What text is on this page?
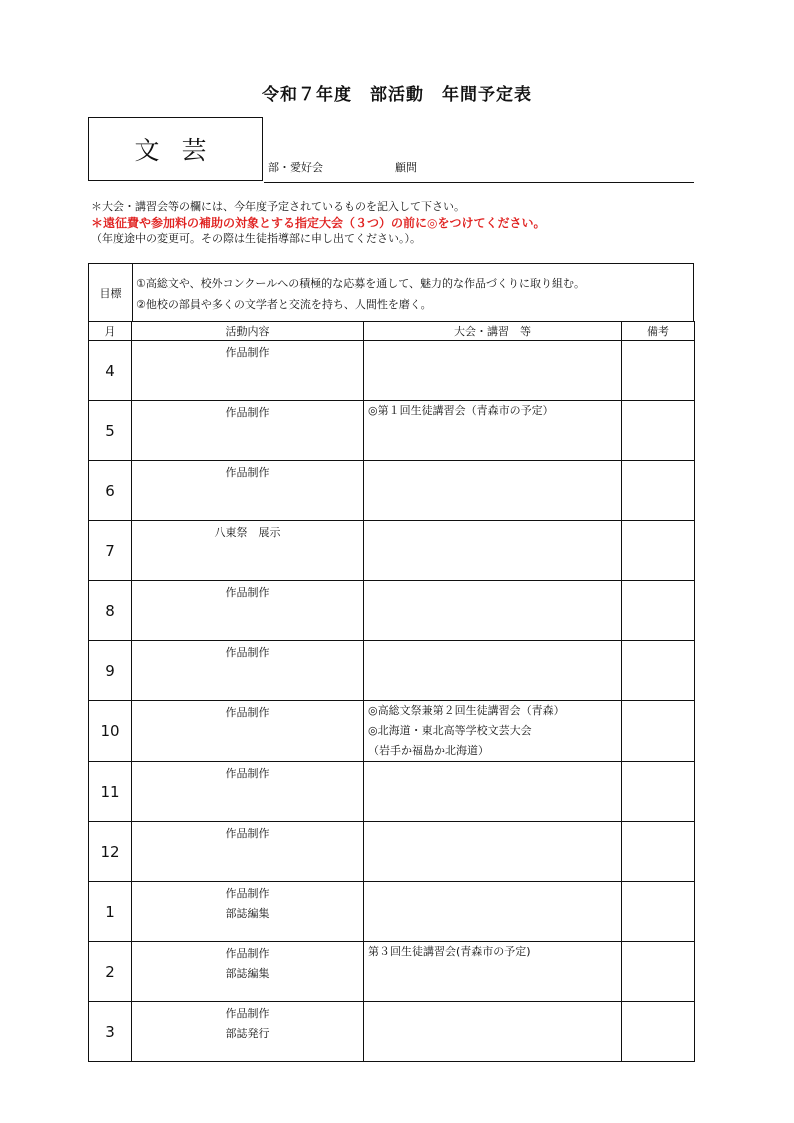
令和７年度　部活動　年間予定表
文芸
部・愛好会	顧問
＊大会・講習会等の欄には、今年度予定されているものを記入して下さい。
＊遠征費や参加料の補助の対象とする指定大会（３つ）の前に◎をつけてください。
（年度途中の変更可。その際は生徒指導部に申し出てください。）。
目標
①高総文や、校外コンクールへの積極的な応募を通して、魅力的な作品づくりに取り組む。
②他校の部員や多くの文学者と交流を持ち、人間性を磨く。
月	活動内容	大会・講習　等	備考
4	作品制作		

5	作品制作	◎第１回生徒講習会（青森市の予定）	

6	作品制作		

7	八東祭　展示		

8	作品制作		

9	作品制作		

10	作品制作	◎高総文祭兼第２回生徒講習会（青森）
◎北海道・東北高等学校文芸大会
（岩手か福島か北海道）	

11	作品制作		

12	作品制作		

1	作品制作
部誌編集		

2	作品制作
部誌編集	第３回生徒講習会(青森市の予定)	

3	作品制作
部誌発行		
